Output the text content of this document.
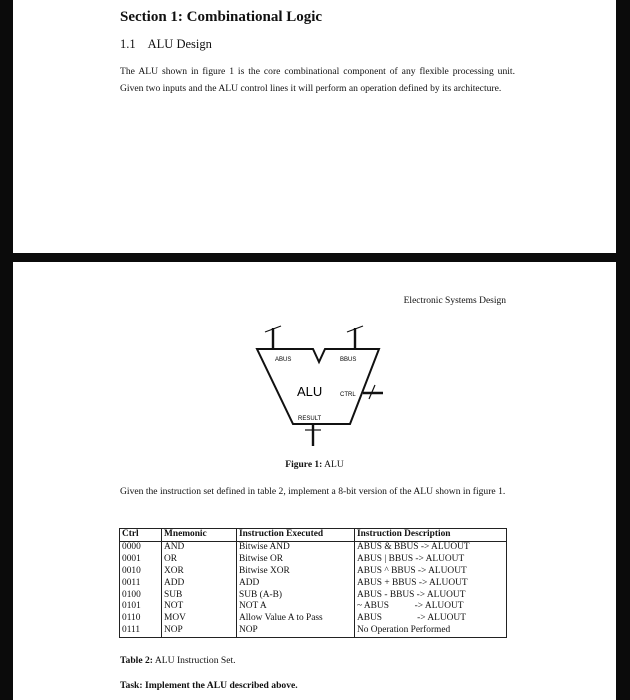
Section 1: Combinational Logic
1.1 ALU Design
The ALU shown in figure 1 is the core combinational component of any flexible processing unit. Given two inputs and the ALU control lines it will perform an operation defined by its architecture.
Electronic Systems Design
ABUS	BBUS
ALU	CTRL
RESULT
Figure 1: ALU
Given the instruction set defined in table 2, implement a 8-bit version of the ALU shown in figure 1.
Ctrl	Mnemonic	Instruction Executed	Instruction Description
0000	AND	Bitwise AND	ABUS & BBUS -> ALUOUT
0001	OR	Bitwise OR	ABUS | BBUS -> ALUOUT
0010	XOR	Bitwise XOR	ABUS ^ BBUS -> ALUOUT
0011	ADD	ADD	ABUS + BBUS -> ALUOUT
0100	SUB	SUB (A-B)	ABUS - BBUS -> ALUOUT
0101	NOT	NOT A	~ ABUS           -> ALUOUT
0110	MOV	Allow Value A to Pass	ABUS               -> ALUOUT
0111	NOP	NOP	No Operation Performed
Table 2: ALU Instruction Set.
Task: Implement the ALU described above.
